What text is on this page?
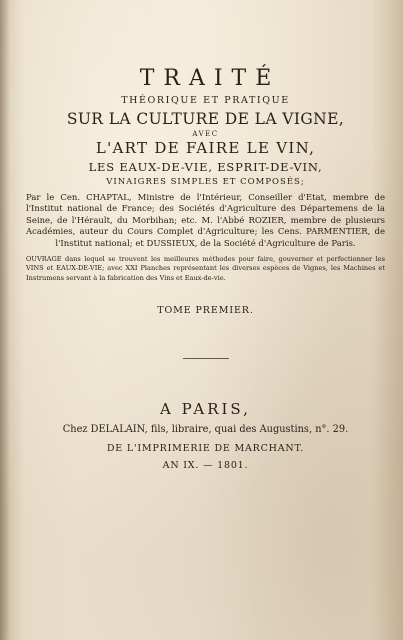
TRAITÉ
THÉORIQUE ET PRATIQUE
SUR LA CULTURE DE LA VIGNE,
AVEC
L'ART DE FAIRE LE VIN,
LES EAUX-DE-VIE, ESPRIT-DE-VIN,
VINAIGRES SIMPLES ET COMPOSÉS;
Par le Cen. CHAPTAL, Ministre de l'Intérieur, Conseiller d'Etat, membre de l'Institut national de France; des Sociétés d'Agriculture des Départemens de la Seine, de l'Hérault, du Morbihan; etc. M. l'Abbé ROZIER, membre de plusieurs Académies, auteur du Cours Complet d'Agriculture; les Cens. PARMENTIER, de l'Institut national; et DUSSIEUX, de la Société d'Agriculture de Paris.
OUVRAGE dans lequel se trouvent les meilleures méthodes pour faire, gouverner et perfectionner les VINS et EAUX-DE-VIE; avec XXI Planches représentant les diverses espèces de Vignes, les Machines et Instrumens servant à la fabrication des Vins et Eaux-de-vie.
TOME PREMIER.
A PARIS,
Chez DELALAIN, fils, libraire, quai des Augustins, n°. 29.
DE L'IMPRIMERIE DE MARCHANT.
AN IX. — 1801.
